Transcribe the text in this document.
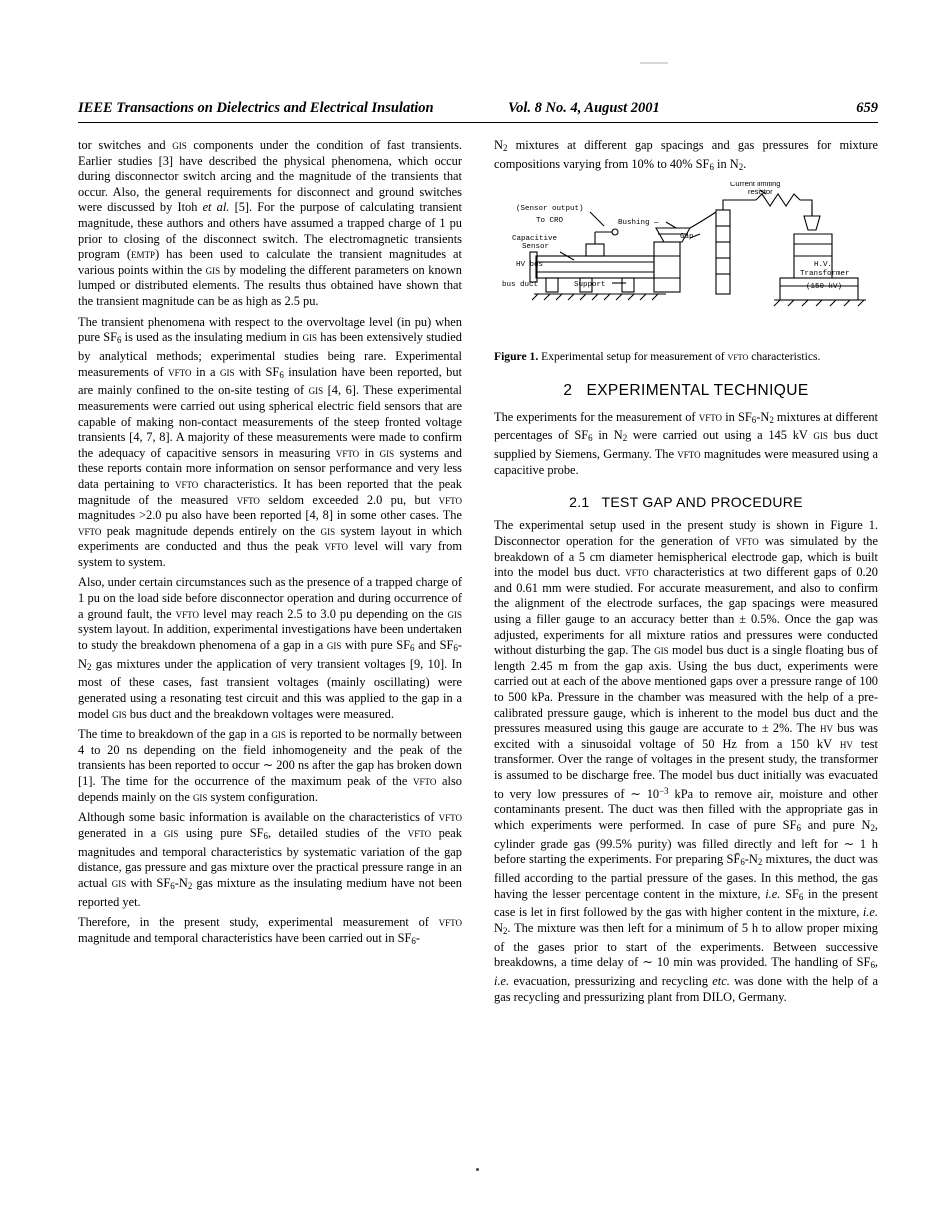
IEEE Transactions on Dielectrics and Electrical Insulation	Vol. 8 No. 4, August 2001	659

tor switches and gis components under the condition of fast transients. Earlier studies [3] have described the physical phenomena, which occur during disconnector switch arcing and the magnitude of the transients that occur. Also, the general requirements for disconnect and ground switches were discussed by Itoh et al. [5]. For the purpose of calculating transient magnitude, these authors and others have assumed a trapped charge of 1 pu prior to closing of the disconnect switch. The electromagnetic transients program (emtp) has been used to calculate the transient magnitudes at various points within the gis by modeling the different parameters on known lumped or distributed elements. The results thus obtained have shown that the transient magnitude can be as high as 2.5 pu.

The transient phenomena with respect to the overvoltage level (in pu) when pure $SF_6$ is used as the insulating medium in gis has been extensively studied by analytical methods; experimental studies being rare. Experimental measurements of vfto in a gis with $SF_6$ insulation have been reported, but are mainly confined to the on-site testing of gis [4, 6]. These experimental measurements were carried out using spherical electric field sensors that are capable of making non-contact measurements of the steep fronted voltage transients [4, 7, 8]. A majority of these measurements were made to confirm the adequacy of capacitive sensors in measuring vfto in gis systems and these reports contain more information on sensor performance and very less data pertaining to vfto characteristics. It has been reported that the peak magnitude of the measured vfto seldom exceeded 2.0 pu, but vfto magnitudes >2.0 pu also have been reported [4, 8] in some other cases. The vfto peak magnitude depends entirely on the gis system layout in which experiments are conducted and thus the peak vfto level will vary from system to system.

Also, under certain circumstances such as the presence of a trapped charge of 1 pu on the load side before disconnector operation and during occurrence of a ground fault, the vfto level may reach 2.5 to 3.0 pu depending on the gis system layout. In addition, experimental investigations have been undertaken to study the breakdown phenomena of a gap in a gis with pure $SF_6$ and $SF_6-N_2$ gas mixtures under the application of very transient voltages [9, 10]. In most of these cases, fast transient voltages (mainly oscillating) were generated using a resonating test circuit and this was applied to the gap in a model gis bus duct and the breakdown voltages were measured.

The time to breakdown of the gap in a gis is reported to be normally between 4 to 20 ns depending on the field inhomogeneity and the peak of the transients has been reported to occur ∼ 200 ns after the gap has broken down [1]. The time for the occurrence of the maximum peak of the vfto also depends mainly on the gis system configuration.

Although some basic information is available on the characteristics of vfto generated in a gis using pure $SF_6$, detailed studies of the vfto peak magnitudes and temporal characteristics by systematic variation of the gap distance, gas pressure and gas mixture over the practical pressure range in an actual gis with $SF_6-N_2$ gas mixture as the insulating medium have not been reported yet.

Therefore, in the present study, experimental measurement of vfto magnitude and temporal characteristics have been carried out in $SF_6-$

$N_2$ mixtures at different gap spacings and gas pressures for mixture compositions varying from 10% to 40% $SF_6$ in $N_2$.

(Sensor output)
To CRO
Capacitive
Sensor
HV bus
bus duct	Support
Bushing —
Gap
H.V.
Transformer
(150 kV)
Current limiting
resistor
Figure 1. Experimental setup for measurement of vfto characteristics.
2 EXPERIMENTAL TECHNIQUE

The experiments for the measurement of vfto in $SF_6-N_2$ mixtures at different percentages of $SF_6$ in $N_2$ were carried out using a 145 kV gis bus duct supplied by Siemens, Germany. The vfto magnitudes were measured using a capacitive probe.

2.1 TEST GAP AND PROCEDURE

The experimental setup used in the present study is shown in Figure 1. Disconnector operation for the generation of vfto was simulated by the breakdown of a 5 cm diameter hemispherical electrode gap, which is built into the model bus duct. vfto characteristics at two different gaps of 0.20 and 0.61 mm were studied. For accurate measurement, and also to confirm the alignment of the electrode surfaces, the gap spacings were measured using a filler gauge to an accuracy better than ± 0.5%. Once the gap was adjusted, experiments for all mixture ratios and pressures were conducted without disturbing the gap. The gis model bus duct is a single floating bus of length 2.45 m from the gap axis. Using the bus duct, experiments were carried out at each of the above mentioned gaps over a pressure range of 100 to 500 kPa. Pressure in the chamber was measured with the help of a pre-calibrated pressure gauge, which is inherent to the model bus duct and the pressures measured using this gauge are accurate to ± 2%. The hv bus was excited with a sinusoidal voltage of 50 Hz from a 150 kV hv test transformer. Over the range of voltages in the present study, the transformer is assumed to be discharge free. The model bus duct initially was evacuated to very low pressures of ∼ $10^{-3}$ kPa to remove air, moisture and other contaminants present. The duct was then filled with the appropriate gas in which experiments were performed. In case of pure $SF_6$ and pure $N_2$, cylinder grade gas (99.5% purity) was filled directly and left for ∼ 1 h before starting the experiments. For preparing $SF̄_6-N_2$ mixtures, the duct was filled according to the partial pressure of the gases. In this method, the gas having the lesser percentage content in the mixture, i.e. $SF_6$ in the present case is let in first followed by the gas with higher content in the mixture, i.e. $N_2$. The mixture was then left for a minimum of 5 h to allow proper mixing of the gases prior to start of the experiments. Between successive breakdowns, a time delay of ∼ 10 min was provided. The handling of $SF_6$, i.e. evacuation, pressurizing and recycling etc. was done with the help of a gas recycling and pressurizing plant from DILO, Germany.
